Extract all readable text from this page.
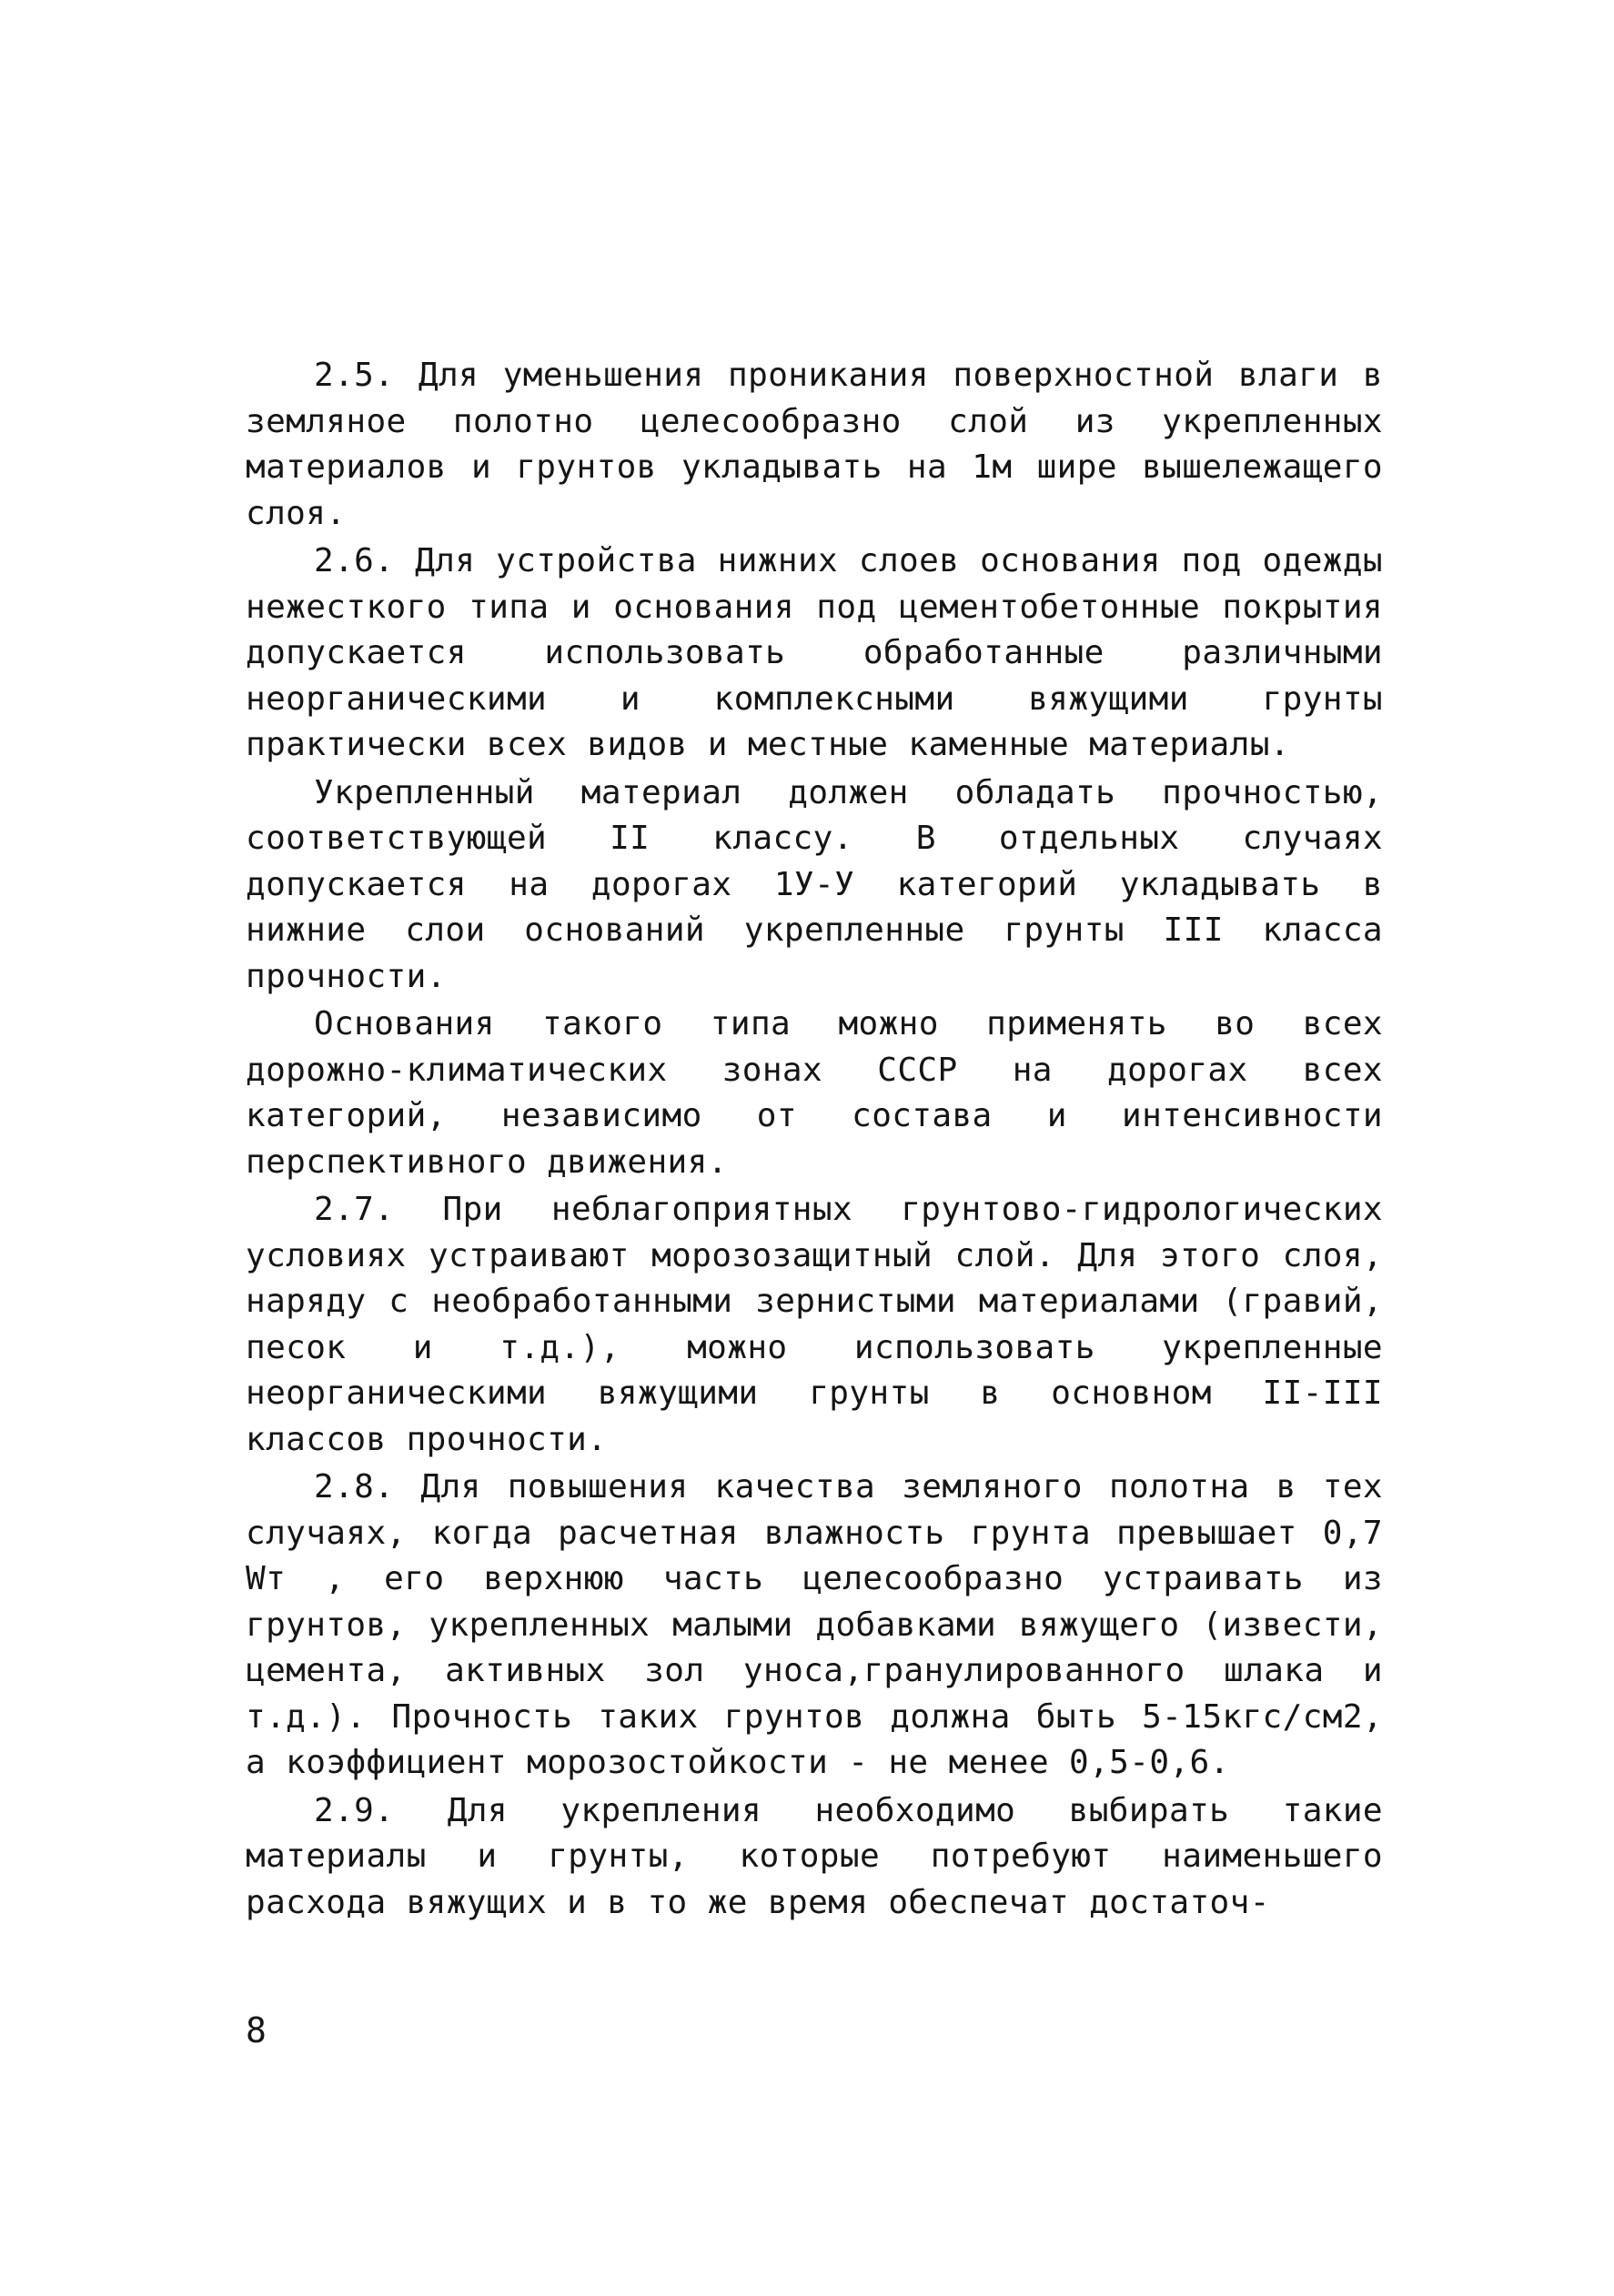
2.5. Для уменьшения проникания поверхностной влаги в земляное полотно целесообразно слой из укрепленных материалов и грунтов укладывать на 1м шире вышележащего слоя.

2.6. Для устройства нижних слоев основания под одежды нежесткого типа и основания под цементобетонные покрытия допускается использовать обработанные различными неорганическими и комплексными вяжущими грунты практически всех видов и местные каменные материалы.

Укрепленный материал должен обладать прочностью, соответствующей II классу. В отдельных случаях допускается на дорогах 1У-У категорий укладывать в нижние слои оснований укрепленные грунты III класса прочности.

Основания такого типа можно применять во всех дорожно-климатических зонах СССР на дорогах всех категорий, независимо от состава и интенсивности перспективного движения.

2.7. При неблагоприятных грунтово-гидрологических условиях устраивают морозозащитный слой. Для этого слоя, наряду с необработанными зернистыми материалами (гравий, песок и т.д.), можно использовать укрепленные неорганическими вяжущими грунты в основном II-III классов прочности.

2.8. Для повышения качества земляного полотна в тех случаях, когда расчетная влажность грунта превышает 0,7 Wт , его верхнюю часть целесообразно устраивать из грунтов, укрепленных малыми добавками вяжущего (извести, цемента, активных зол уноса,гранулированного шлака и т.д.). Прочность таких грунтов должна быть 5-15кгс/см2, а коэффициент морозостойкости - не менее 0,5-0,6.

2.9. Для укрепления необходимо выбирать такие материалы и грунты, которые потребуют наименьшего расхода вяжущих и в то же время обеспечат достаточ-

8
